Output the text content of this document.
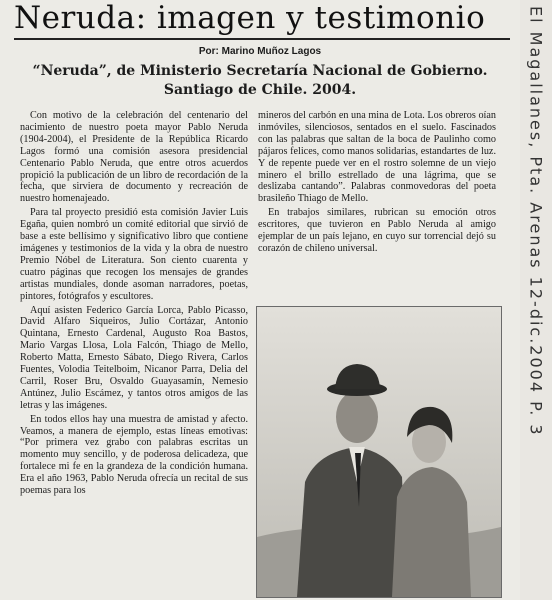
Neruda: imagen y testimonio
Por: Marino Muñoz Lagos
“Neruda”, de Ministerio Secretaría Nacional de Gobierno. Santiago de Chile. 2004.

Con motivo de la celebración del centenario del nacimiento de nuestro poeta mayor Pablo Neruda (1904-2004), el Presidente de la República Ricardo Lagos formó una comisión asesora presidencial Centenario Pablo Neruda, que entre otros acuerdos propició la publicación de un libro de recordación de la fecha, que sirviera de documento y recreación de nuestro homenajeado.

Para tal proyecto presidió esta comisión Javier Luis Egaña, quien nombró un comité editorial que sirvió de base a este bellísimo y significativo libro que contiene imágenes y testimonios de la vida y la obra de nuestro Premio Nóbel de Literatura. Son ciento cuarenta y cuatro páginas que recogen los mensajes de grandes artistas mundiales, donde asoman narradores, poetas, pintores, fotógrafos y escultores.

Aquí asisten Federico García Lorca, Pablo Picasso, David Alfaro Siqueiros, Julio Cortázar, Antonio Quintana, Ernesto Cardenal, Augusto Roa Bastos, Mario Vargas Llosa, Lola Falcón, Thiago de Mello, Roberto Matta, Ernesto Sábato, Diego Rivera, Carlos Fuentes, Volodia Teitelboim, Nicanor Parra, Delia del Carril, Roser Bru, Osvaldo Guayasamín, Nemesio Antúnez, Julio Escámez, y tantos otros amigos de las letras y las imágenes.

En todos ellos hay una muestra de amistad y afecto. Veamos, a manera de ejemplo, estas líneas emotivas: “Por primera vez grabo con palabras escritas un momento muy sencillo, y de poderosa delicadeza, que fortalece mi fe en la grandeza de la condición humana. Era el año 1963, Pablo Neruda ofrecía un recital de sus poemas para los

mineros del carbón en una mina de Lota. Los obreros oían inmóviles, silenciosos, sentados en el suelo. Fascinados con las palabras que saltan de la boca de Paulinho como pájaros felices, como manos solidarias, estandartes de luz. Y de repente puede ver en el rostro solemne de un viejo minero el brillo estrellado de una lágrima, que se deslizaba cantando”. Palabras conmovedoras del poeta brasileño Thiago de Mello.

En trabajos similares, rubrican su emoción otros escritores, que tuvieron en Pablo Neruda al amigo ejemplar de un país lejano, en cuyo sur torrencial dejó su corazón de chileno universal.	El Magallanes, Pta. Arenas 12-dic.2004 P. 3
